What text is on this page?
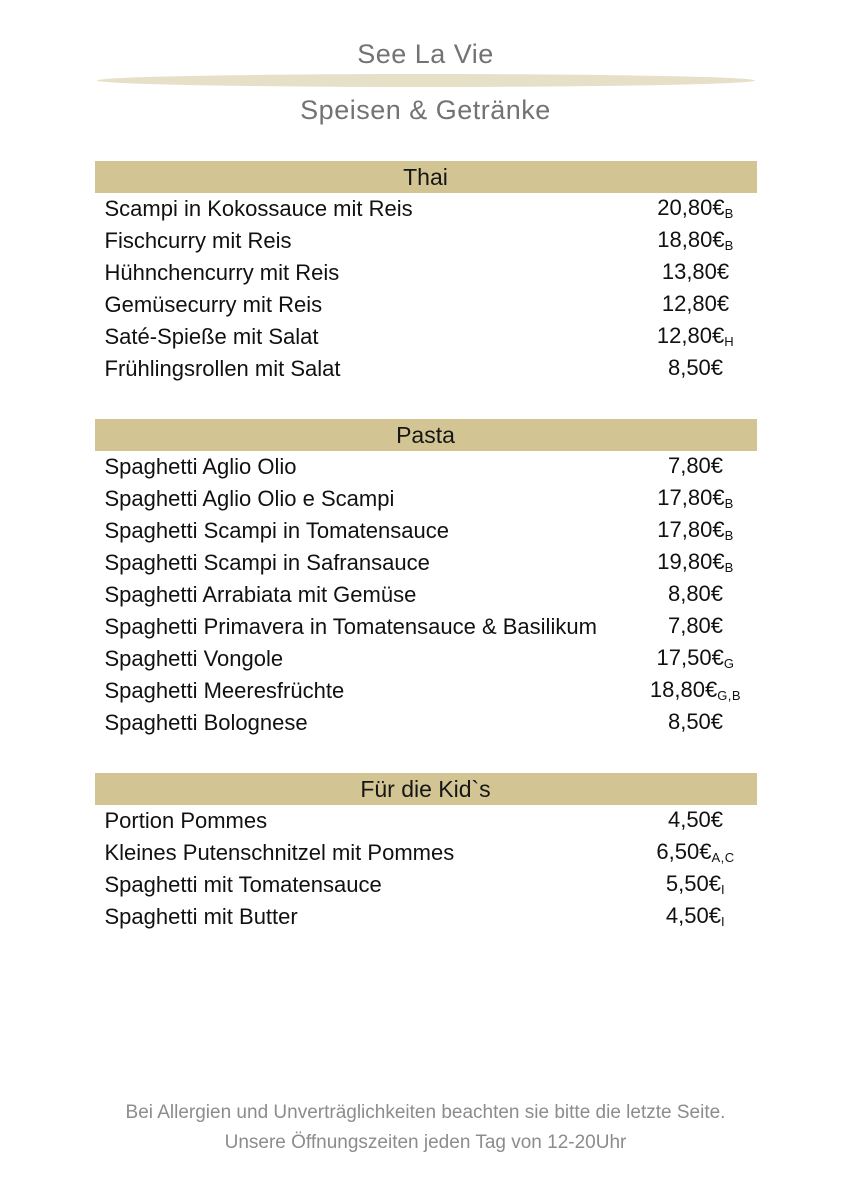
See La Vie
Speisen & Getränke
Thai
Scampi in Kokossauce mit Reis	20,80€B
Fischcurry mit Reis	18,80€B
Hühnchencurry mit Reis	13,80€
Gemüsecurry mit Reis	12,80€
Saté-Spieße mit Salat	12,80€H
Frühlingsrollen mit Salat	8,50€
Pasta
Spaghetti Aglio Olio	7,80€
Spaghetti Aglio Olio e Scampi	17,80€B
Spaghetti Scampi in Tomatensauce	17,80€B
Spaghetti Scampi in Safransauce	19,80€B
Spaghetti Arrabiata mit Gemüse	8,80€
Spaghetti Primavera in Tomatensauce & Basilikum	7,80€
Spaghetti Vongole	17,50€G
Spaghetti Meeresfrüchte	18,80€G,B
Spaghetti Bolognese	8,50€
Für die Kid`s
Portion Pommes	4,50€
Kleines Putenschnitzel mit Pommes	6,50€A,C
Spaghetti mit Tomatensauce	5,50€I
Spaghetti mit Butter	4,50€I
Bei Allergien und Unverträglichkeiten beachten sie bitte die letzte Seite.
Unsere Öffnungszeiten jeden Tag von 12-20Uhr
